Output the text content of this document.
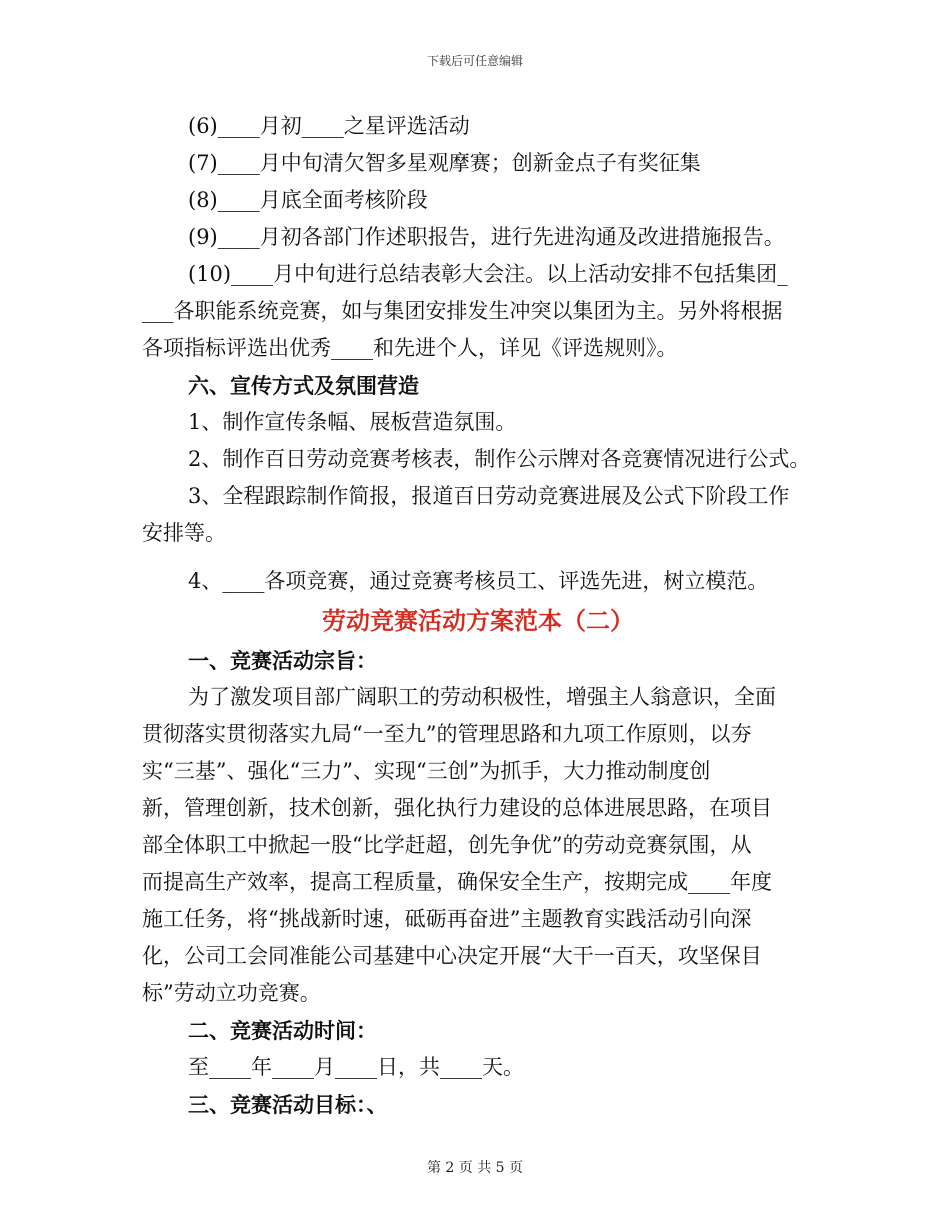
下载后可任意编辑
(6)____月初____之星评选活动
(7)____月中旬清欠智多星观摩赛；创新金点子有奖征集
(8)____月底全面考核阶段
(9)____月初各部门作述职报告，进行先进沟通及改进措施报告。
(10)____月中旬进行总结表彰大会注。以上活动安排不包括集团_
___各职能系统竞赛，如与集团安排发生冲突以集团为主。另外将根据
各项指标评选出优秀____和先进个人，详见《评选规则》。
六、宣传方式及氛围营造
1、制作宣传条幅、展板营造氛围。
2、制作百日劳动竞赛考核表，制作公示牌对各竞赛情况进行公式。
3、全程跟踪制作简报，报道百日劳动竞赛进展及公式下阶段工作
安排等。
4、____各项竞赛，通过竞赛考核员工、评选先进，树立模范。
劳动竞赛活动方案范本（二）
一、竞赛活动宗旨：
为了激发项目部广阔职工的劳动积极性，增强主人翁意识，全面
贯彻落实贯彻落实九局“一至九”的管理思路和九项工作原则，以夯
实“三基”、强化“三力”、实现“三创”为抓手，大力推动制度创
新，管理创新，技术创新，强化执行力建设的总体进展思路，在项目
部全体职工中掀起一股“比学赶超，创先争优”的劳动竞赛氛围，从
而提高生产效率，提高工程质量，确保安全生产，按期完成____年度
施工任务，将“挑战新时速，砥砺再奋进”主题教育实践活动引向深
化，公司工会同准能公司基建中心决定开展“大干一百天，攻坚保目
标”劳动立功竞赛。
二、竞赛活动时间：
至____年____月____日，共____天。
三、竞赛活动目标：、
第 2 页 共 5 页
